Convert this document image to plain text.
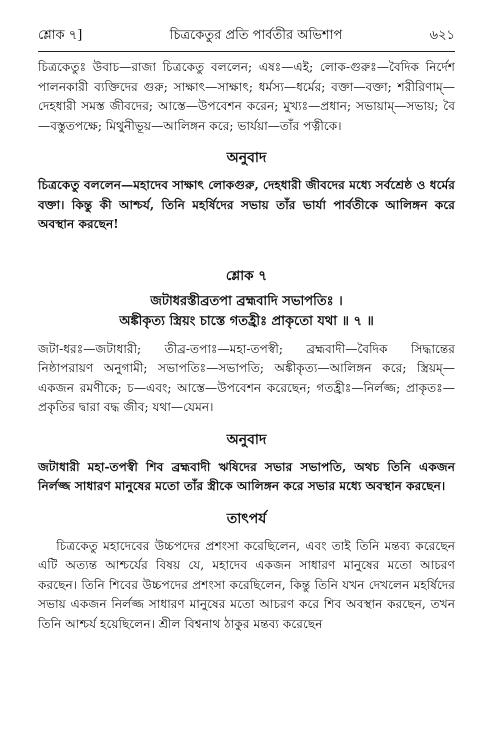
শ্লোক ৭]	চিত্রকেতুর প্রতি পার্বতীর অভিশাপ	৬২১

চিত্রকেতুঃ উবাচ—রাজা চিত্রকেতু বললেন; এষঃ—এই; লোক-গুরুঃ—বৈদিক নির্দেশ পালনকারী ব্যক্তিদের গুরু; সাক্ষাৎ—সাক্ষাৎ; ধর্মস্য—ধর্মের; বক্তা—বক্তা; শরীরিণাম্—দেহধারী সমস্ত জীবদের; আস্তে—উপবেশন করেন; মুখ্যঃ—প্রধান; সভায়াম্—সভায়; বৈ—বস্তুতপক্ষে; মিথুনীভূয়—আলিঙ্গন করে; ভার্যয়া—তাঁর পত্নীকে।

অনুবাদ

চিত্রকেতু বললেন—মহাদেব সাক্ষাৎ লোকগুরু, দেহধারী জীবদের মধ্যে সর্বশ্রেষ্ঠ ও ধর্মের বক্তা। কিন্তু কী আশ্চর্য, তিনি মহর্ষিদের সভায় তাঁর ভার্যা পার্বতীকে আলিঙ্গন করে অবস্থান করছেন!

শ্লোক ৭
জটাধরস্তীব্রতপা ব্রহ্মবাদি সভাপতিঃ ।
অঙ্কীকৃত্য স্ত্রিয়ং চাস্তে গতহ্রীঃ প্রাকৃতো যথা ॥ ৭ ॥

জটা-ধরঃ—জটাধারী; তীব্র-তপাঃ—মহা-তপস্বী; ব্রহ্মবাদী—বৈদিক সিদ্ধান্তের নিষ্ঠাপরায়ণ অনুগামী; সভাপতিঃ—সভাপতি; অঙ্কীকৃত্য—আলিঙ্গন করে; স্ত্রিয়ম্—একজন রমণীকে; চ—এবং; আস্তে—উপবেশন করেছেন; গতহ্রীঃ—নির্লজ্জ; প্রাকৃতঃ—প্রকৃতির দ্বারা বদ্ধ জীব; যথা—যেমন।

অনুবাদ

জটাধারী মহা-তপস্বী শিব ব্রহ্মবাদী ঋষিদের সভার সভাপতি, অথচ তিনি একজন নির্লজ্জ সাধারণ মানুষের মতো তাঁর স্ত্রীকে আলিঙ্গন করে সভার মধ্যে অবস্থান করছেন।

তাৎপর্য

চিত্রকেতু মহাদেবের উচ্চপদের প্রশংসা করেছিলেন, এবং তাই তিনি মন্তব্য করেছেন এটি অত্যন্ত আশ্চর্যের বিষয় যে, মহাদেব একজন সাধারণ মানুষের মতো আচরণ করছেন। তিনি শিবের উচ্চপদের প্রশংসা করেছিলেন, কিন্তু তিনি যখন দেখলেন মহর্ষিদের সভায় একজন নির্লজ্জ সাধারণ মানুষের মতো আচরণ করে শিব অবস্থান করছেন, তখন তিনি আশ্চর্য হয়েছিলেন। শ্রীল বিশ্বনাথ ঠাকুর মন্তব্য করেছেন
